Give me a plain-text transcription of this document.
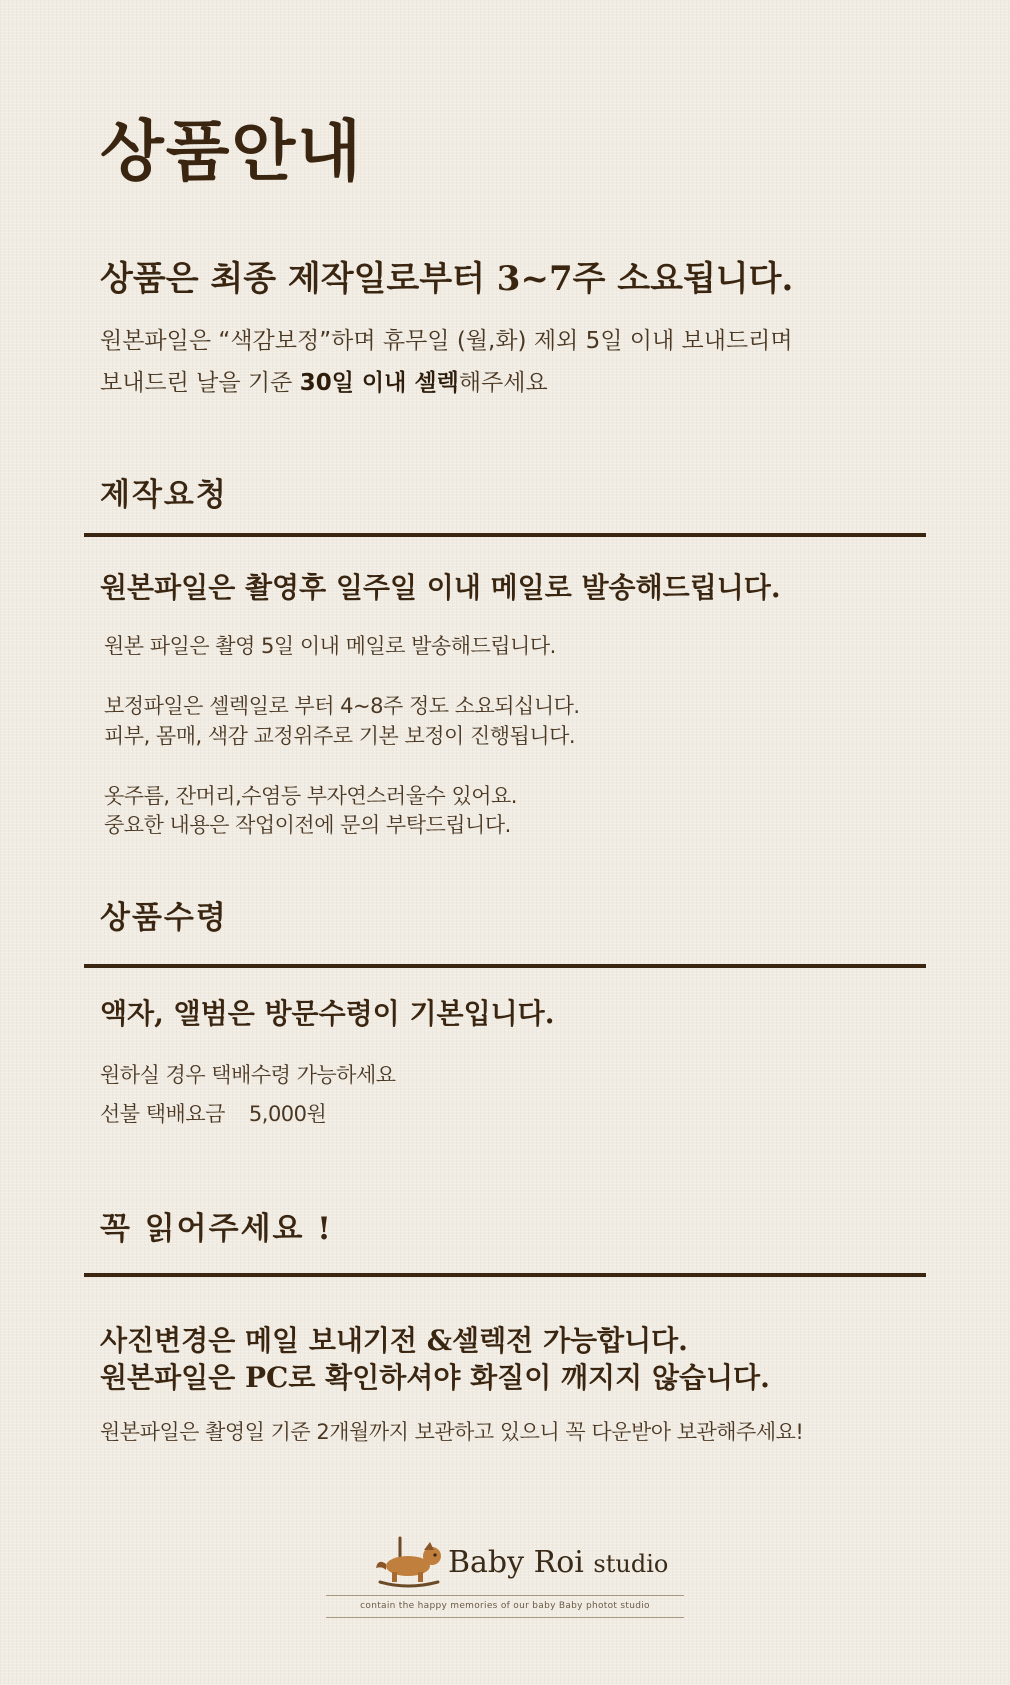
상품안내
상품은 최종 제작일로부터 3~7주 소요됩니다.
원본파일은 “색감보정”하며 휴무일 (월,화) 제외 5일 이내 보내드리며
보내드린 날을 기준 30일 이내 셀렉해주세요
제작요청
원본파일은 촬영후 일주일 이내 메일로 발송해드립니다.
원본 파일은 촬영 5일 이내 메일로 발송해드립니다.
보정파일은 셀렉일로 부터 4~8주 정도 소요되십니다.
피부, 몸매, 색감 교정위주로 기본 보정이 진행됩니다.
옷주름, 잔머리,수염등 부자연스러울수 있어요.
중요한 내용은 작업이전에 문의 부탁드립니다.
상품수령
액자, 앨범은 방문수령이 기본입니다.
원하실 경우 택배수령 가능하세요
선불 택배요금 5,000원
꼭 읽어주세요 !
사진변경은 메일 보내기전 &셀렉전 가능합니다.
원본파일은 PC로 확인하셔야 화질이 깨지지 않습니다.
원본파일은 촬영일 기준 2개월까지 보관하고 있으니 꼭 다운받아 보관해주세요!
Baby Roi studio
contain the happy memories of our baby Baby photot studio
